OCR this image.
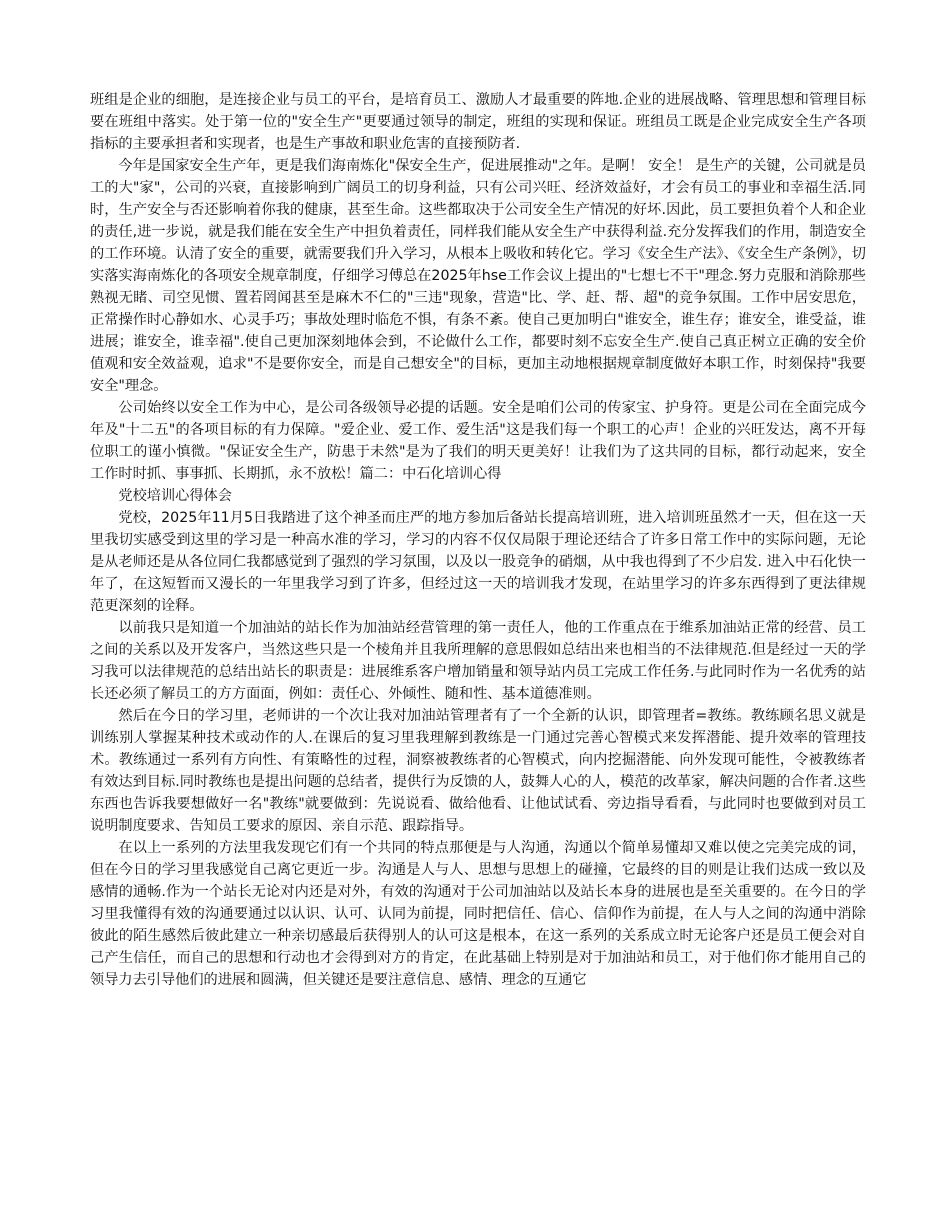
班组是企业的细胞，是连接企业与员工的平台，是培育员工、激励人才最重要的阵地.企业的进展战略、管理思想和管理目标要在班组中落实。处于第一位的"安全生产"更要通过领导的制定，班组的实现和保证。班组员工既是企业完成安全生产各项指标的主要承担者和实现者，也是生产事故和职业危害的直接预防者.

今年是国家安全生产年，更是我们海南炼化"保安全生产，促进展推动"之年。是啊！ 安全！ 是生产的关键，公司就是员工的大"家"，公司的兴衰，直接影响到广阔员工的切身利益，只有公司兴旺、经济效益好，才会有员工的事业和幸福生活.同时，生产安全与否还影响着你我的健康，甚至生命。这些都取决于公司安全生产情况的好坏.因此，员工要担负着个人和企业的责任,进一步说，就是我们能在安全生产中担负着责任，同样我们能从安全生产中获得利益.充分发挥我们的作用，制造安全的工作环境。认清了安全的重要，就需要我们升入学习，从根本上吸收和转化它。学习《安全生产法》、《安全生产条例》，切实落实海南炼化的各项安全规章制度，仔细学习傅总在2025年hse工作会议上提出的"七想七不干"理念.努力克服和消除那些熟视无睹、司空见惯、置若罔闻甚至是麻木不仁的"三违"现象，营造"比、学、赶、帮、超"的竞争氛围。工作中居安思危，正常操作时心静如水、心灵手巧；事故处理时临危不惧，有条不紊。使自己更加明白"谁安全，谁生存；谁安全，谁受益，谁进展；谁安全，谁幸福".使自己更加深刻地体会到，不论做什么工作，都要时刻不忘安全生产.使自己真正树立正确的安全价值观和安全效益观，追求"不是要你安全，而是自己想安全"的目标，更加主动地根据规章制度做好本职工作，时刻保持"我要安全"理念。

公司始终以安全工作为中心，是公司各级领导必提的话题。安全是咱们公司的传家宝、护身符。更是公司在全面完成今年及"十二五"的各项目标的有力保障。"爱企业、爱工作、爱生活"这是我们每一个职工的心声！企业的兴旺发达，离不开每位职工的谨小慎微。"保证安全生产，防患于未然"是为了我们的明天更美好！让我们为了这共同的目标，都行动起来，安全工作时时抓、事事抓、长期抓，永不放松！篇二：中石化培训心得

党校培训心得体会

党校，2025年11月5日我踏进了这个神圣而庄严的地方参加后备站长提高培训班，进入培训班虽然才一天，但在这一天里我切实感受到这里的学习是一种高水准的学习，学习的内容不仅仅局限于理论还结合了许多日常工作中的实际问题，无论是从老师还是从各位同仁我都感觉到了强烈的学习氛围，以及以一股竞争的硝烟，从中我也得到了不少启发. 进入中石化快一年了，在这短暂而又漫长的一年里我学习到了许多，但经过这一天的培训我才发现，在站里学习的许多东西得到了更法律规范更深刻的诠释。

以前我只是知道一个加油站的站长作为加油站经营管理的第一责任人，他的工作重点在于维系加油站正常的经营、员工之间的关系以及开发客户，当然这些只是一个棱角并且我所理解的意思假如总结出来也相当的不法律规范.但是经过一天的学习我可以法律规范的总结出站长的职责是：进展维系客户增加销量和领导站内员工完成工作任务.与此同时作为一名优秀的站长还必须了解员工的方方面面，例如：责任心、外倾性、随和性、基本道德准则。

然后在今日的学习里，老师讲的一个次让我对加油站管理者有了一个全新的认识，即管理者=教练。教练顾名思义就是训练别人掌握某种技术或动作的人.在课后的复习里我理解到教练是一门通过完善心智模式来发挥潜能、提升效率的管理技术。教练通过一系列有方向性、有策略性的过程，洞察被教练者的心智模式，向内挖掘潜能、向外发现可能性，令被教练者有效达到目标.同时教练也是提出问题的总结者，提供行为反馈的人，鼓舞人心的人，模范的改革家，解决问题的合作者.这些东西也告诉我要想做好一名"教练"就要做到：先说说看、做给他看、让他试试看、旁边指导看看，与此同时也要做到对员工说明制度要求、告知员工要求的原因、亲自示范、跟踪指导。

在以上一系列的方法里我发现它们有一个共同的特点那便是与人沟通，沟通以个简单易懂却又难以使之完美完成的词，但在今日的学习里我感觉自己离它更近一步。沟通是人与人、思想与思想上的碰撞，它最终的目的则是让我们达成一致以及感情的通畅.作为一个站长无论对内还是对外，有效的沟通对于公司加油站以及站长本身的进展也是至关重要的。在今日的学习里我懂得有效的沟通要通过以认识、认可、认同为前提，同时把信任、信心、信仰作为前提，在人与人之间的沟通中消除彼此的陌生感然后彼此建立一种亲切感最后获得别人的认可这是根本，在这一系列的关系成立时无论客户还是员工便会对自己产生信任，而自己的思想和行动也才会得到对方的肯定，在此基础上特别是对于加油站和员工，对于他们你才能用自己的领导力去引导他们的进展和圆满，但关键还是要注意信息、感情、理念的互通它
